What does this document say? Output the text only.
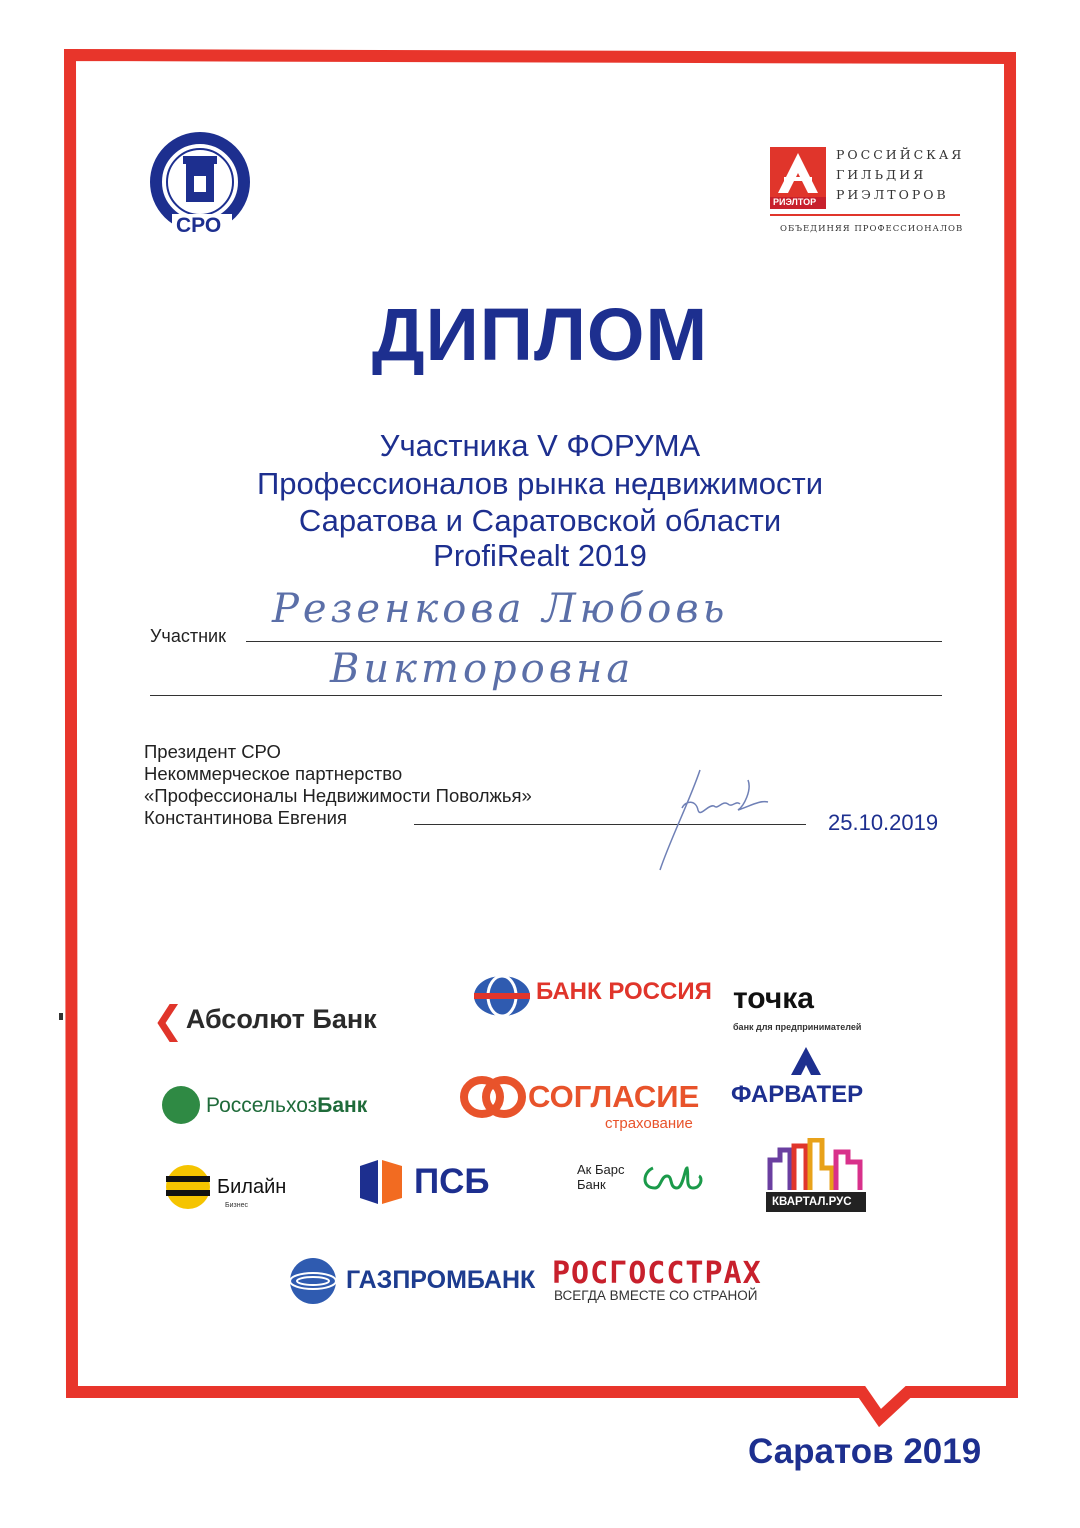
СРО
РИЭЛТОР
РОССИЙСКАЯ
ГИЛЬДИЯ
РИЭЛТОРОВ
ОБЪЕДИНЯЯ ПРОФЕССИОНАЛОВ
ДИПЛОМ
Участника V ФОРУМА
Профессионалов рынка недвижимости
Саратова и Саратовской области
ProfiRealt 2019
Участник
Резенкова Любовь
Викторовна
Президент СРО
Некоммерческое партнерство
«Профессионалы Недвижимости Поволжья»
Константинова Евгения	25.10.2019
❮Абсолют Банк
БАНК РОССИЯ точка
банк для предпринимателей
РоссельхозБанк	СОГЛАСИЕ
страхование
ФАРВАТЕР
Билайн
Бизнес
ПСБ	Ак Барс
Банк
КВАРТАЛ.РУС
ГАЗПРОМБАНК РОСГОССТРАХ
ВСЕГДА ВМЕСТЕ СО СТРАНОЙ
Саратов 2019
